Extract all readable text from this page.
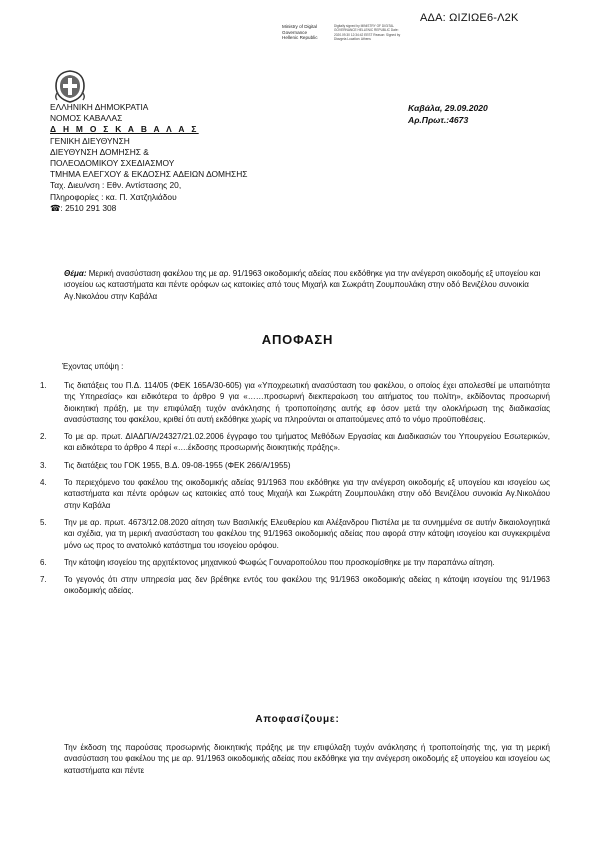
ΑΔΑ: ΩΙΖΙΩΕ6-Λ2Κ
Ministry of Digital
Governance
Hellenic Republic
Digitally signed by MINISTRY OF DIGITAL GOVERNANCE HELLENIC REPUBLIC Date: 2020.09.30 12:34:42 EEST Reason: Signed by Diavgeia Location: Athens
ΕΛΛΗΝΙΚΗ ΔΗΜΟΚΡΑΤΙΑ
ΝΟΜΟΣ ΚΑΒΑΛΑΣ
Δ Η Μ Ο Σ Κ Α Β Α Λ Α Σ
ΓΕΝΙΚΗ ΔΙΕΥΘΥΝΣΗ
ΔΙΕΥΘΥΝΣΗ ΔΟΜΗΣΗΣ &
ΠΟΛΕΟΔΟΜΙΚΟΥ ΣΧΕΔΙΑΣΜΟΥ
ΤΜΗΜΑ ΕΛΕΓΧΟΥ & ΕΚΔΟΣΗΣ ΑΔΕΙΩΝ ΔΟΜΗΣΗΣ
Ταχ. Διευ/νση : Εθν. Αντίστασης 20,
Πληροφορίες : κα. Π. Χατζηλιάδου
☎: 2510 291 308
Καβάλα, 29.09.2020
Αρ.Πρωτ.:4673
Θέμα: Μερική ανασύσταση φακέλου της με αρ. 91/1963 οικοδομικής αδείας που εκδόθηκε για την ανέγερση οικοδομής εξ υπογείου και ισογείου ως καταστήματα και πέντε ορόφων ως κατοικίες από τους Μιχαήλ και Σωκράτη Ζουμπουλάκη στην οδό Βενιζέλου συνοικία Αγ.Νικολάου στην Καβάλα
ΑΠΟΦΑΣΗ
Έχοντας υπόψη :
1. Τις διατάξεις του Π.Δ. 114/05 (ΦΕΚ 165Α/30-605) για «Υποχρεωτική ανασύσταση του φακέλου, ο οποίος έχει απολεσθεί με υπαιτιότητα της Υπηρεσίας» και ειδικότερα το άρθρο 9 για «……προσωρινή διεκπεραίωση του αιτήματος του πολίτη», εκδίδοντας προσωρινή διοικητική πράξη, με την επιφύλαξη τυχόν ανάκλησης ή τροποποίησης αυτής εφ όσον μετά την ολοκλήρωση της διαδικασίας ανασύστασης του φακέλου, κριθεί ότι αυτή εκδόθηκε χωρίς να πληρούνται οι απαιτούμενες από το νόμο προϋποθέσεις.
2. Το με αρ. πρωτ. ΔΙΑΔΠ/Α/24327/21.02.2006 έγγραφο του τμήματος Μεθόδων Εργασίας και Διαδικασιών του Υπουργείου Εσωτερικών, και ειδικότερα το άρθρο 4 περί «….έκδοσης προσωρινής διοικητικής πράξης».
3. Τις διατάξεις του ΓΟΚ 1955, Β.Δ. 09-08-1955 (ΦΕΚ 266/Α/1955)
4. Το περιεχόμενο του φακέλου της οικοδομικής αδείας 91/1963 που εκδόθηκε για την ανέγερση οικοδομής εξ υπογείου και ισογείου ως καταστήματα και πέντε ορόφων ως κατοικίες από τους Μιχαήλ και Σωκράτη Ζουμπουλάκη στην οδό Βενιζέλου συνοικία Αγ.Νικολάου στην Καβάλα
5. Την με αρ. πρωτ. 4673/12.08.2020 αίτηση των Βασιλικής Ελευθερίου και Αλέξανδρου Πιστέλα με τα συνημμένα σε αυτήν δικαιολογητικά και σχέδια, για τη μερική ανασύσταση του φακέλου της 91/1963 οικοδομικής αδείας που αφορά στην κάτοψη ισογείου και συγκεκριμένα μόνο ως προς το ανατολικό κατάστημα του ισογείου ορόφου.
6. Την κάτοψη ισογείου της αρχιτέκτονος μηχανικού Φωφώς Γουναροπούλου που προσκομίσθηκε με την παραπάνω αίτηση.
7. Το γεγονός ότι στην υπηρεσία μας δεν βρέθηκε εντός του φακέλου της 91/1963 οικοδομικής αδείας η κάτοψη ισογείου της 91/1963 οικοδομικής αδείας.
Αποφασίζουμε:
Την έκδοση της παρούσας προσωρινής διοικητικής πράξης με την επιφύλαξη τυχόν ανάκλησης ή τροποποίησής της, για τη μερική ανασύσταση του φακέλου της με αρ. 91/1963 οικοδομικής αδείας που εκδόθηκε για την ανέγερση οικοδομής εξ υπογείου και ισογείου ως καταστήματα και πέντε
